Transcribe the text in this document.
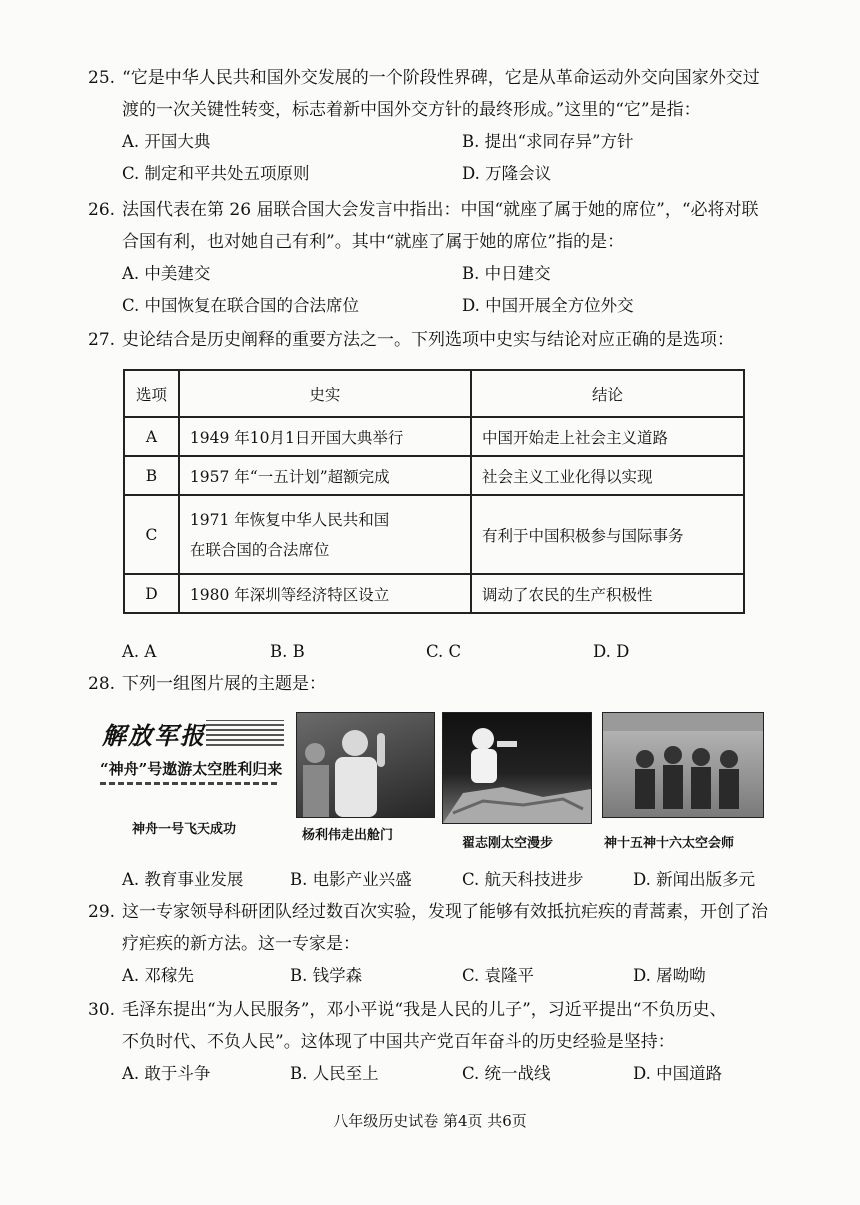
25. “它是中华人民共和国外交发展的一个阶段性界碑，它是从革命运动外交向国家外交过
渡的一次关键性转变，标志着新中国外交方针的最终形成。”这里的“它”是指：
A. 开国大典	B. 提出“求同存异”方针
C. 制定和平共处五项原则	D. 万隆会议
26. 法国代表在第 26 届联合国大会发言中指出：中国“就座了属于她的席位”，“必将对联
合国有利，也对她自己有利”。其中“就座了属于她的席位”指的是：
A. 中美建交	B. 中日建交
C. 中国恢复在联合国的合法席位	D. 中国开展全方位外交
27. 史论结合是历史阐释的重要方法之一。下列选项中史实与结论对应正确的是选项：
选项	史实	结论
A	1949 年10月1日开国大典举行	中国开始走上社会主义道路
B	1957 年“一五计划”超额完成	社会主义工业化得以实现
C	1971 年恢复中华人民共和国
在联合国的合法席位	有利于中国积极参与国际事务
D	1980 年深圳等经济特区设立	调动了农民的生产积极性
A. A	B. B	C. C	D. D
28. 下列一组图片展的主题是：
解放军报
“神舟”号遨游太空胜利归来
神舟一号飞天成功	杨利伟走出舱门
翟志刚太空漫步	神十五神十六太空会师
A. 教育事业发展	B. 电影产业兴盛	C. 航天科技进步	D. 新闻出版多元
29. 这一专家领导科研团队经过数百次实验，发现了能够有效抵抗疟疾的青蒿素，开创了治
疗疟疾的新方法。这一专家是：
A. 邓稼先	B. 钱学森	C. 袁隆平	D. 屠呦呦
30. 毛泽东提出“为人民服务”，邓小平说“我是人民的儿子”，习近平提出“不负历史、
不负时代、不负人民”。这体现了中国共产党百年奋斗的历史经验是坚持：
A. 敢于斗争	B. 人民至上	C. 统一战线	D. 中国道路
八年级历史试卷 第4页 共6页
